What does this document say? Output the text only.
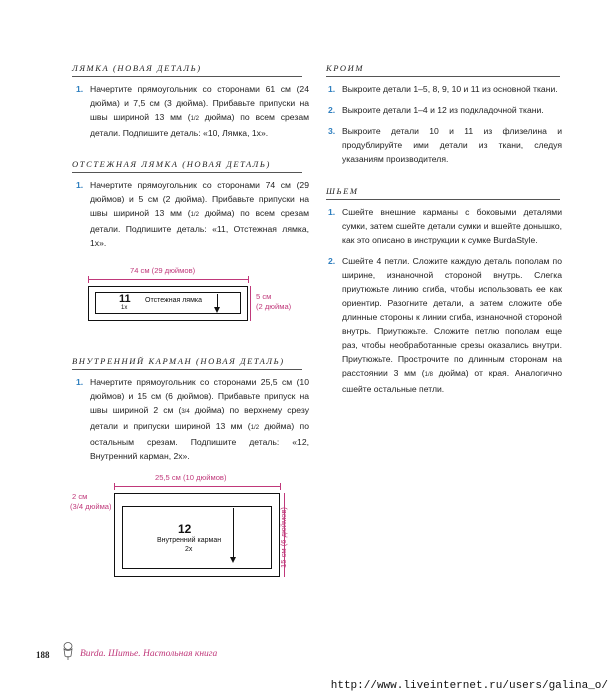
ЛЯМКА (НОВАЯ ДЕТАЛЬ)
1. Начертите прямоугольник со сторонами 61 см (24 дюйма) и 7,5 см (3 дюйма). Прибавьте припуски на швы шириной 13 мм (1/2 дюйма) по всем срезам детали. Подпишите деталь: «10, Лямка, 1х».
ОТСТЕЖНАЯ ЛЯМКА (НОВАЯ ДЕТАЛЬ)
1. Начертите прямоугольник со сторонами 74 см (29 дюймов) и 5 см (2 дюйма). Прибавьте припуски на швы шириной 13 мм (1/2 дюйма) по всем срезам детали. Подпишите деталь: «11, Отстежная лямка, 1х».
74 см (29 дюймов)
11
1х
Отстежная лямка	5 см
(2 дюйма)
ВНУТРЕННИЙ КАРМАН (НОВАЯ ДЕТАЛЬ)
1. Начертите прямоугольник со сторонами 25,5 см (10 дюймов) и 15 см (6 дюймов). Прибавьте припуск на швы шириной 2 см (3/4 дюйма) по верхнему срезу детали и припуски шириной 13 мм (1/2 дюйма) по остальным срезам. Подпишите деталь: «12, Внутренний карман, 2х».
25,5 см (10 дюймов)
2 см
(3/4 дюйма)
12
Внутренний карман
2х	15 см (6 дюймов)
КРОИМ
1. Выкроите детали 1–5, 8, 9, 10 и 11 из основной ткани.
2. Выкроите детали 1–4 и 12 из подкладочной ткани.
3. Выкроите детали 10 и 11 из флизелина и продублируйте ими детали из ткани, следуя указаниям производителя.
ШЬЕМ
1. Сшейте внешние карманы с боковыми деталями сумки, затем сшейте детали сумки и вшейте донышко, как это описано в инструкции к сумке BurdaStyle.
2. Сшейте 4 петли. Сложите каждую деталь пополам по ширине, изнаночной стороной внутрь. Слегка приутюжьте линию сгиба, чтобы использовать ее как ориентир. Разогните детали, а затем сложите обе длинные стороны к линии сгиба, изнаночной стороной внутрь. Приутюжьте. Сложите петлю пополам еще раз, чтобы необработанные срезы оказались внутри. Приутюжьте. Прострочите по длинным сторонам на расстоянии 3 мм (1/8 дюйма) от края. Аналогично сшейте остальные петли.
188	Burda. Шитье. Настольная книга
http://www.liveinternet.ru/users/galina_o/
